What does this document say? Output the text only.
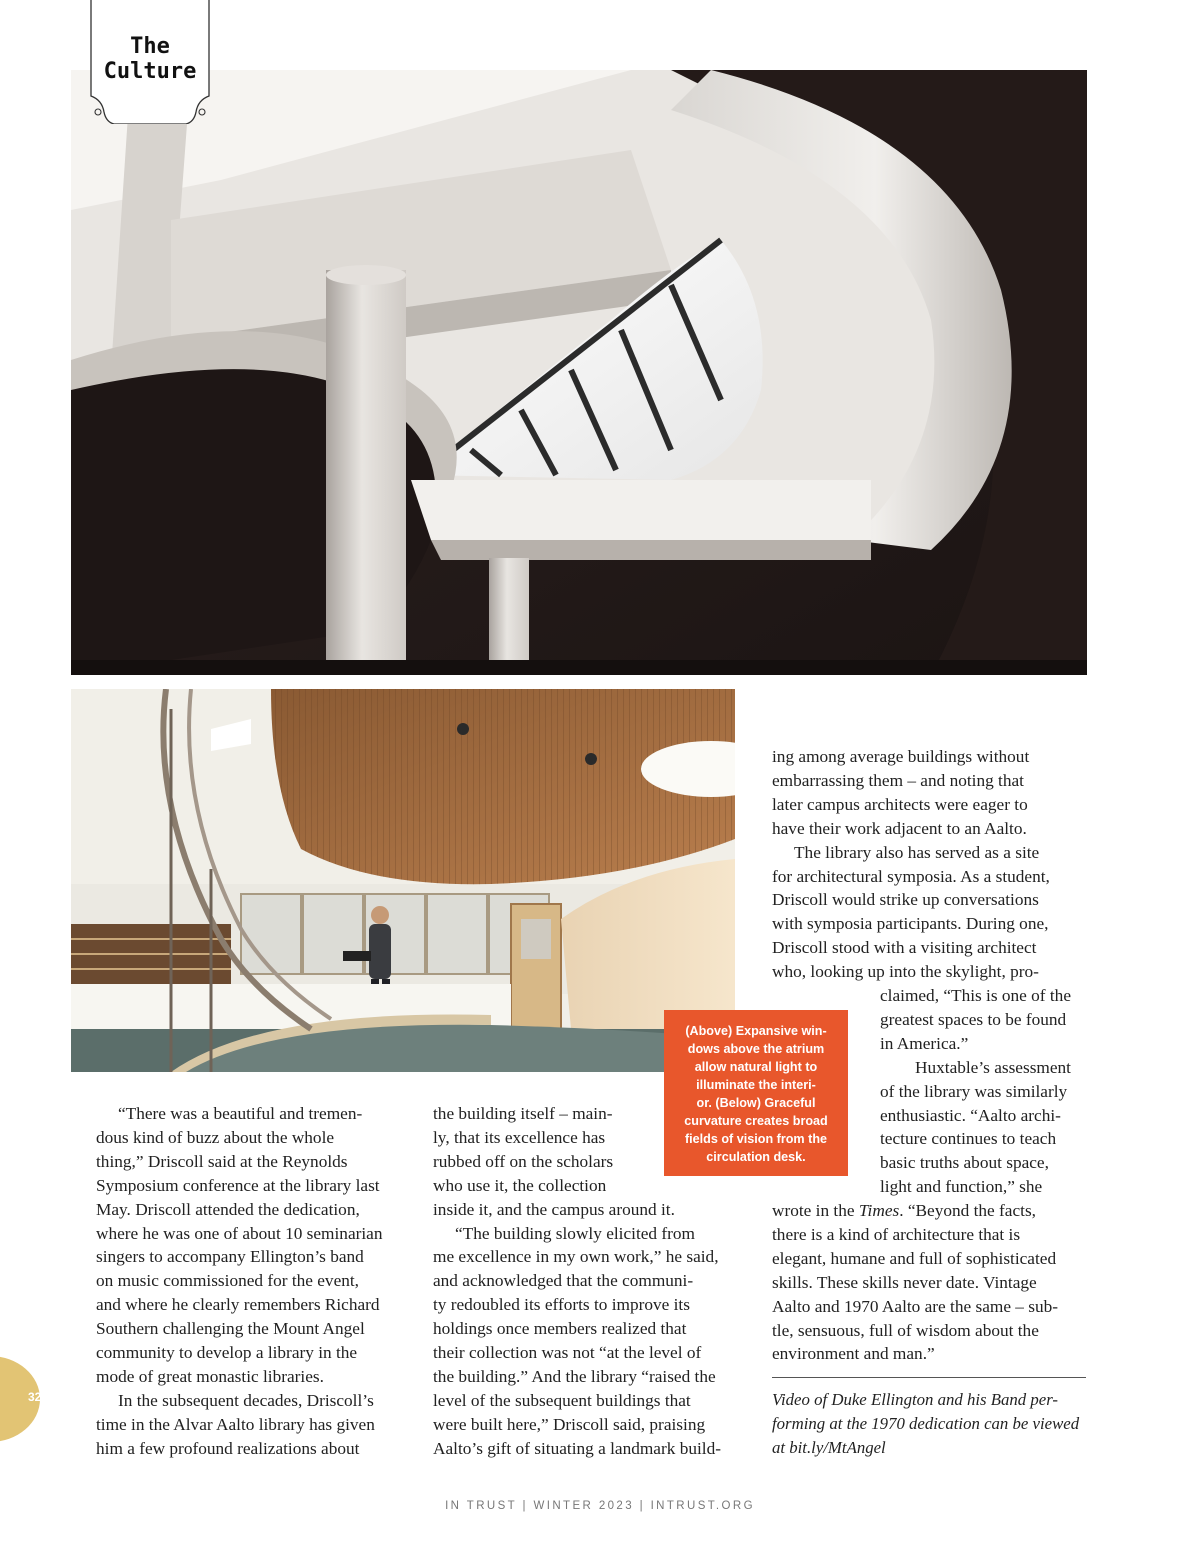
The
Culture
(Above) Expansive win-
dows above the atrium
allow natural light to
illuminate the interi-
or. (Below) Graceful
curvature creates broad
fields of vision from the
circulation desk.

“There was a beautiful and tremen-
dous kind of buzz about the whole
thing,” Driscoll said at the Reynolds
Symposium conference at the library last
May. Driscoll attended the dedication,
where he was one of about 10 seminarian
singers to accompany Ellington’s band
on music commissioned for the event,
and where he clearly remembers Richard
Southern challenging the Mount Angel
community to develop a library in the
mode of great monastic libraries.

In the subsequent decades, Driscoll’s
time in the Alvar Aalto library has given
him a few profound realizations about

the building itself – main-
ly, that its excellence has
rubbed off on the scholars
who use it, the collection
inside it, and the campus around it.

“The building slowly elicited from
me excellence in my own work,” he said,
and acknowledged that the communi-
ty redoubled its efforts to improve its
holdings once members realized that
their collection was not “at the level of
the building.” And the library “raised the
level of the subsequent buildings that
were built here,” Driscoll said, praising
Aalto’s gift of situating a landmark build-

ing among average buildings without
embarrassing them – and noting that
later campus architects were eager to
have their work adjacent to an Aalto.

The library also has served as a site
for architectural symposia. As a student,
Driscoll would strike up conversations
with symposia participants. During one,
Driscoll stood with a visiting architect
who, looking up into the skylight, pro-

claimed, “This is one of the
greatest spaces to be found
in America.”

Huxtable’s assessment
of the library was similarly
enthusiastic. “Aalto archi-
tecture continues to teach
basic truths about space,
light and function,” she

wrote in the Times. “Beyond the facts,
there is a kind of architecture that is
elegant, humane and full of sophisticated
skills. These skills never date. Vintage
Aalto and 1970 Aalto are the same – sub-
tle, sensuous, full of wisdom about the
environment and man.”

Video of Duke Ellington and his Band per-
forming at the 1970 dedication can be viewed
at bit.ly/MtAngel
32
IN TRUST | WINTER 2023 | INTRUST.ORG
